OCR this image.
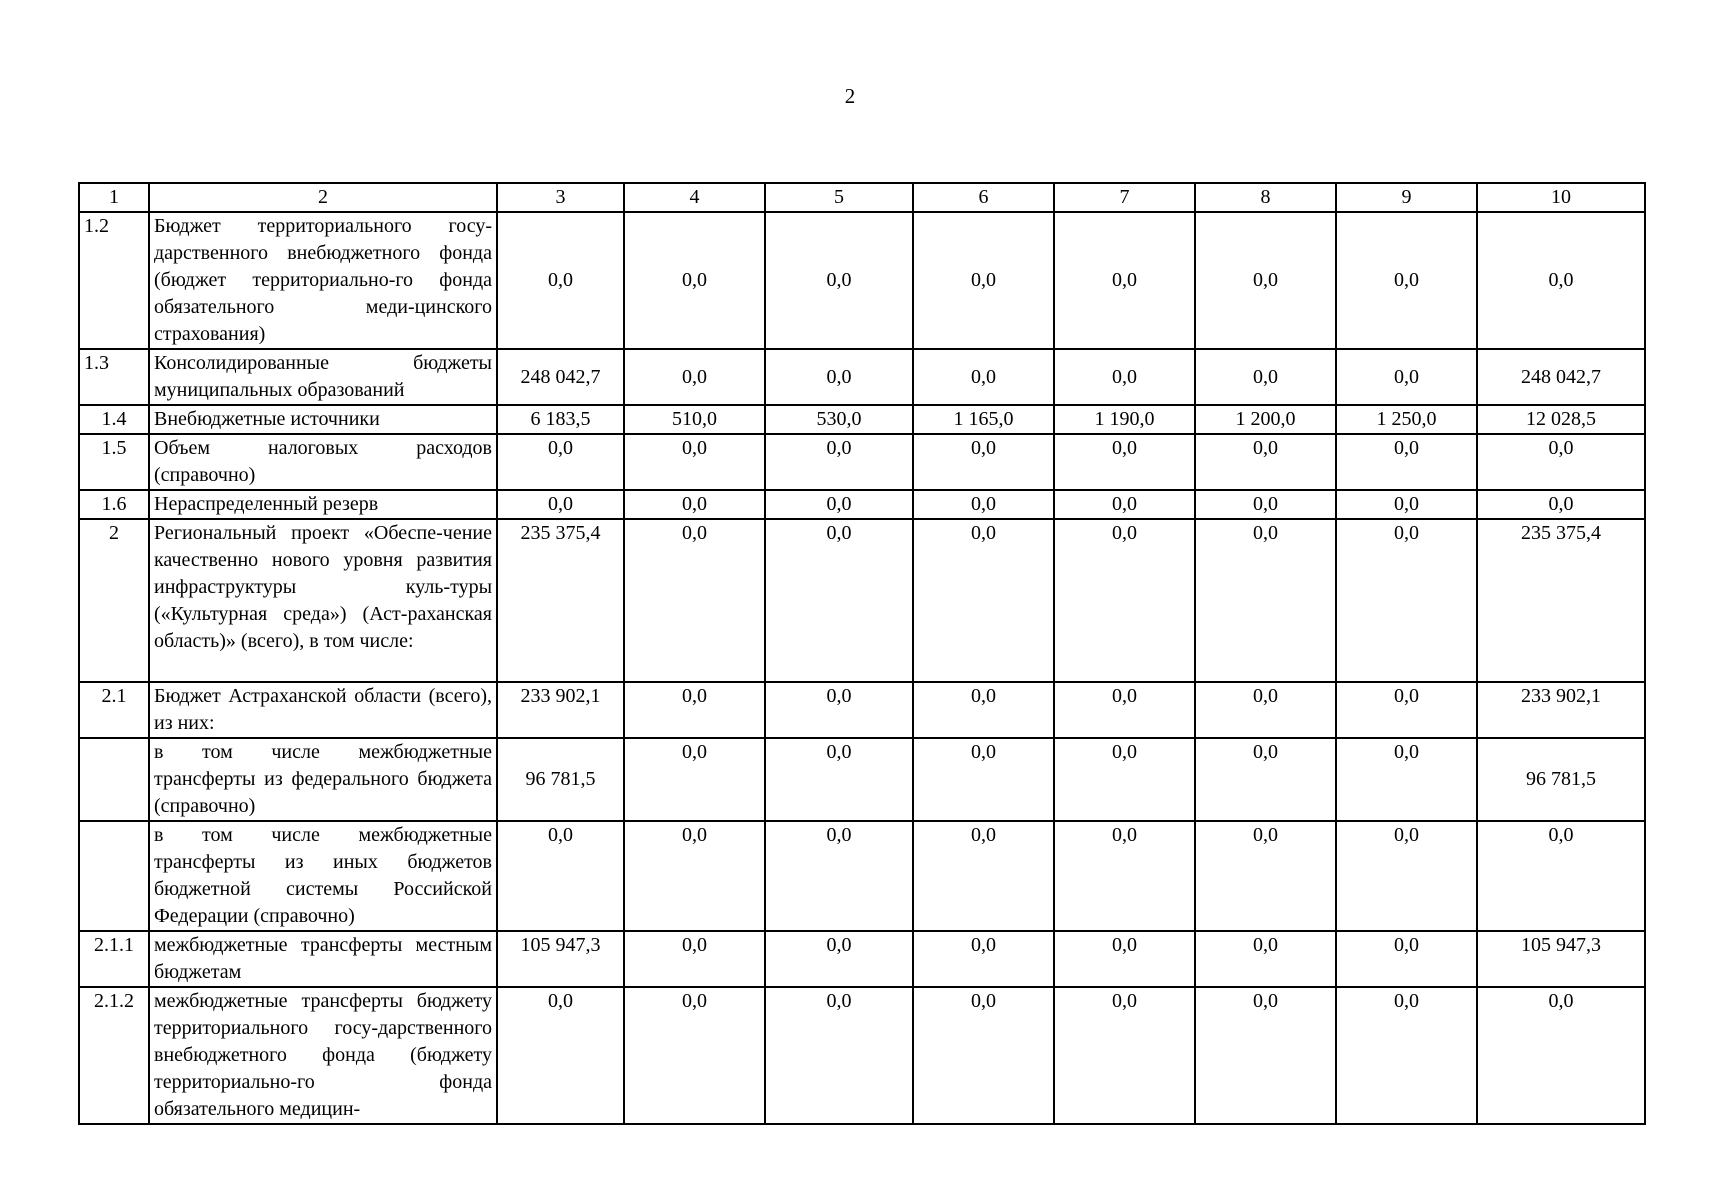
2
1	2	3	4	5	6	7	8	9	10
1.2	Бюджет территориального госу-дарственного внебюджетного фонда (бюджет территориально-го фонда обязательного меди-цинского страхования)	0,0	0,0	0,0	0,0	0,0	0,0	0,0	0,0
1.3	Консолидированные бюджеты муниципальных образований	248 042,7	0,0	0,0	0,0	0,0	0,0	0,0	248 042,7
1.4	Внебюджетные источники	6 183,5	510,0	530,0	1 165,0	1 190,0	1 200,0	1 250,0	12 028,5
1.5	Объем налоговых расходов (справочно)	0,0	0,0	0,0	0,0	0,0	0,0	0,0	0,0
1.6	Нераспределенный резерв	0,0	0,0	0,0	0,0	0,0	0,0	0,0	0,0
2	Региональный проект «Обеспе-чение качественно нового уровня развития инфраструктуры куль-туры («Культурная среда») (Аст-раханская область)» (всего), в том числе:	235 375,4	0,0	0,0	0,0	0,0	0,0	0,0	235 375,4
2.1	Бюджет Астраханской области (всего), из них:	233 902,1	0,0	0,0	0,0	0,0	0,0	0,0	233 902,1
	в том числе межбюджетные трансферты из федерального бюджета (справочно)	96 781,5	0,0	0,0	0,0	0,0	0,0	0,0	96 781,5
	в том числе межбюджетные трансферты из иных бюджетов бюджетной системы Российской Федерации (справочно)	0,0	0,0	0,0	0,0	0,0	0,0	0,0	0,0
2.1.1	межбюджетные трансферты местным бюджетам	105 947,3	0,0	0,0	0,0	0,0	0,0	0,0	105 947,3
2.1.2	межбюджетные трансферты бюджету территориального госу-дарственного внебюджетного фонда (бюджету территориально-го фонда обязательного медицин-	0,0	0,0	0,0	0,0	0,0	0,0	0,0	0,0
